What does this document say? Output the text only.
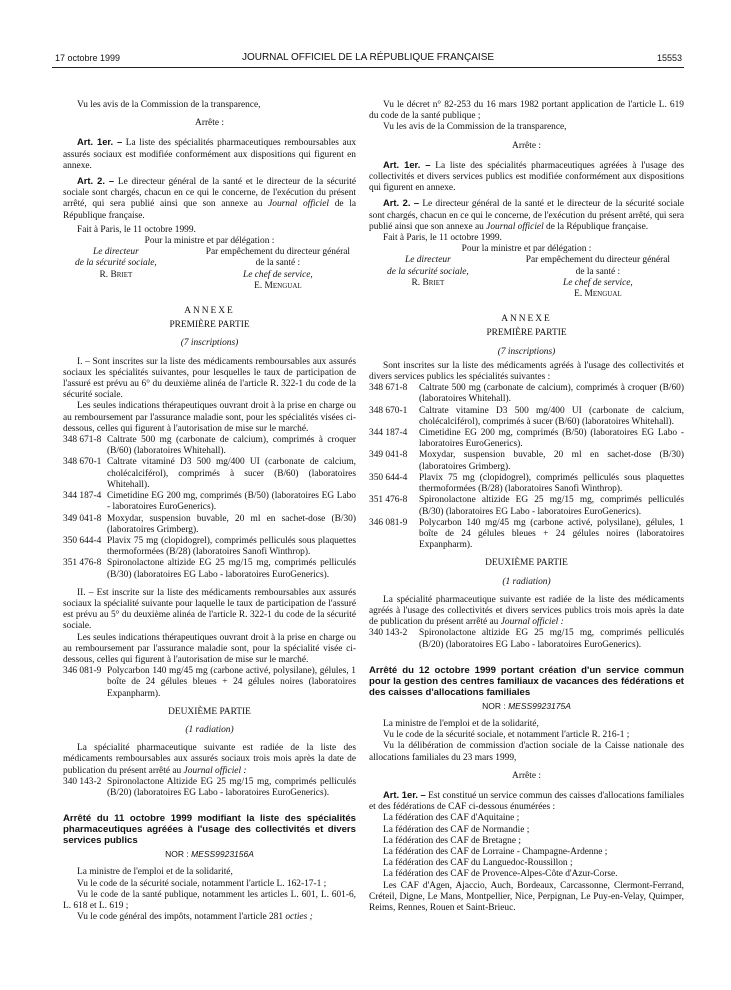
17 octobre 1999	JOURNAL OFFICIEL DE LA RÉPUBLIQUE FRANÇAISE	15553

Vu les avis de la Commission de la transparence,

Arrête :

Art. 1er. – La liste des spécialités pharmaceutiques remboursables aux assurés sociaux est modifiée conformément aux dispositions qui figurent en annexe.

Art. 2. – Le directeur général de la santé et le directeur de la sécurité sociale sont chargés, chacun en ce qui le concerne, de l'exécution du présent arrêté, qui sera publié ainsi que son annexe au Journal officiel de la République française.

Fait à Paris, le 11 octobre 1999.

Pour la ministre et par délégation :

Le directeur
de la sécurité sociale,
R. Briet
Par empêchement du directeur général
de la santé :
Le chef de service,
E. Mengual

ANNEXE

PREMIÈRE PARTIE

(7 inscriptions)

I. – Sont inscrites sur la liste des médicaments remboursables aux assurés sociaux les spécialités suivantes, pour lesquelles le taux de participation de l'assuré est prévu au 6° du deuxième alinéa de l'article R. 322-1 du code de la sécurité sociale.

Les seules indications thérapeutiques ouvrant droit à la prise en charge ou au remboursement par l'assurance maladie sont, pour les spécialités visées ci-dessous, celles qui figurent à l'autorisation de mise sur le marché.

348 671-8 Caltrate 500 mg (carbonate de calcium), comprimés à croquer (B/60) (laboratoires Whitehall).
348 670-1 Caltrate vitaminé D3 500 mg/400 UI (carbonate de calcium, cholécalciférol), comprimés à sucer (B/60) (laboratoires Whitehall).
344 187-4 Cimetidine EG 200 mg, comprimés (B/50) (laboratoires EG Labo - laboratoires EuroGenerics).
349 041-8 Moxydar, suspension buvable, 20 ml en sachet-dose (B/30) (laboratoires Grimberg).
350 644-4 Plavix 75 mg (clopidogrel), comprimés pelliculés sous plaquettes thermoformées (B/28) (laboratoires Sanofi Winthrop).
351 476-8 Spironolactone altizide EG 25 mg/15 mg, comprimés pelliculés (B/30) (laboratoires EG Labo - laboratoires EuroGenerics).

II. – Est inscrite sur la liste des médicaments remboursables aux assurés sociaux la spécialité suivante pour laquelle le taux de participation de l'assuré est prévu au 5° du deuxième alinéa de l'article R. 322-1 du code de la sécurité sociale.

Les seules indications thérapeutiques ouvrant droit à la prise en charge ou au remboursement par l'assurance maladie sont, pour la spécialité visée ci-dessous, celles qui figurent à l'autorisation de mise sur le marché.

346 081-9 Polycarbon 140 mg/45 mg (carbone activé, polysilane), gélules, 1 boîte de 24 gélules bleues + 24 gélules noires (laboratoires Expanpharm).

DEUXIÈME PARTIE

(1 radiation)

La spécialité pharmaceutique suivante est radiée de la liste des médicaments remboursables aux assurés sociaux trois mois après la date de publication du présent arrêté au Journal officiel :

340 143-2 Spironolactone Altizide EG 25 mg/15 mg, comprimés pelliculés (B/20) (laboratoires EG Labo - laboratoires EuroGenerics).

Arrêté du 11 octobre 1999 modifiant la liste des spécialités pharmaceutiques agréées à l'usage des collectivités et divers services publics

NOR : MESS9923156A

La ministre de l'emploi et de la solidarité,

Vu le code de la sécurité sociale, notamment l'article L. 162-17-1 ;

Vu le code de la santé publique, notamment les articles L. 601, L. 601-6, L. 618 et L. 619 ;

Vu le code général des impôts, notamment l'article 281 octies ;

Vu le décret n° 82-253 du 16 mars 1982 portant application de l'article L. 619 du code de la santé publique ;

Vu les avis de la Commission de la transparence,

Arrête :

Art. 1er. – La liste des spécialités pharmaceutiques agréées à l'usage des collectivités et divers services publics est modifiée conformément aux dispositions qui figurent en annexe.

Art. 2. – Le directeur général de la santé et le directeur de la sécurité sociale sont chargés, chacun en ce qui le concerne, de l'exécution du présent arrêté, qui sera publié ainsi que son annexe au Journal officiel de la République française.

Fait à Paris, le 11 octobre 1999.

Pour la ministre et par délégation :

Le directeur
de la sécurité sociale,
R. Briet
Par empêchement du directeur général
de la santé :
Le chef de service,
E. Mengual

ANNEXE

PREMIÈRE PARTIE

(7 inscriptions)

Sont inscrites sur la liste des médicaments agréés à l'usage des collectivités et divers services publics les spécialités suivantes :

348 671-8	Caltrate 500 mg (carbonate de calcium), comprimés à croquer (B/60) (laboratoires Whitehall).
348 670-1	Caltrate vitamine D3 500 mg/400 UI (carbonate de calcium, cholécalciférol), comprimés à sucer (B/60) (laboratoires Whitehall).
344 187-4	Cimetidine EG 200 mg, comprimés (B/50) (laboratoires EG Labo - laboratoires EuroGenerics).
349 041-8	Moxydar, suspension buvable, 20 ml en sachet-dose (B/30) (laboratoires Grimberg).
350 644-4	Plavix 75 mg (clopidogrel), comprimés pelliculés sous plaquettes thermoformées (B/28) (laboratoires Sanofi Winthrop).
351 476-8	Spironolactone altizide EG 25 mg/15 mg, comprimés pelliculés (B/30) (laboratoires EG Labo - laboratoires EuroGenerics).
346 081-9	Polycarbon 140 mg/45 mg (carbone activé, polysilane), gélules, 1 boîte de 24 gélules bleues + 24 gélules noires (laboratoires Expanpharm).

DEUXIÈME PARTIE

(1 radiation)

La spécialité pharmaceutique suivante est radiée de la liste des médicaments agréés à l'usage des collectivités et divers services publics trois mois après la date de publication du présent arrêté au Journal officiel :

340 143-2	Spironolactone altizide EG 25 mg/15 mg, comprimés pelliculés (B/20) (laboratoires EG Labo - laboratoires EuroGenerics).

Arrêté du 12 octobre 1999 portant création d'un service commun pour la gestion des centres familiaux de vacances des fédérations et des caisses d'allocations familiales

NOR : MESS9923175A

La ministre de l'emploi et de la solidarité,

Vu le code de la sécurité sociale, et notamment l'article R. 216-1 ;

Vu la délibération de commission d'action sociale de la Caisse nationale des allocations familiales du 23 mars 1999,

Arrête :

Art. 1er. – Est constitué un service commun des caisses d'allocations familiales et des fédérations de CAF ci-dessous énumérées :

La fédération des CAF d'Aquitaine ;

La fédération des CAF de Normandie ;

La fédération des CAF de Bretagne ;

La fédération des CAF de Lorraine - Champagne-Ardenne ;

La fédération des CAF du Languedoc-Roussillon ;

La fédération des CAF de Provence-Alpes-Côte d'Azur-Corse.

Les CAF d'Agen, Ajaccio, Auch, Bordeaux, Carcassonne, Clermont-Ferrand, Créteil, Digne, Le Mans, Montpellier, Nice, Perpignan, Le Puy-en-Velay, Quimper, Reims, Rennes, Rouen et Saint-Brieuc.
